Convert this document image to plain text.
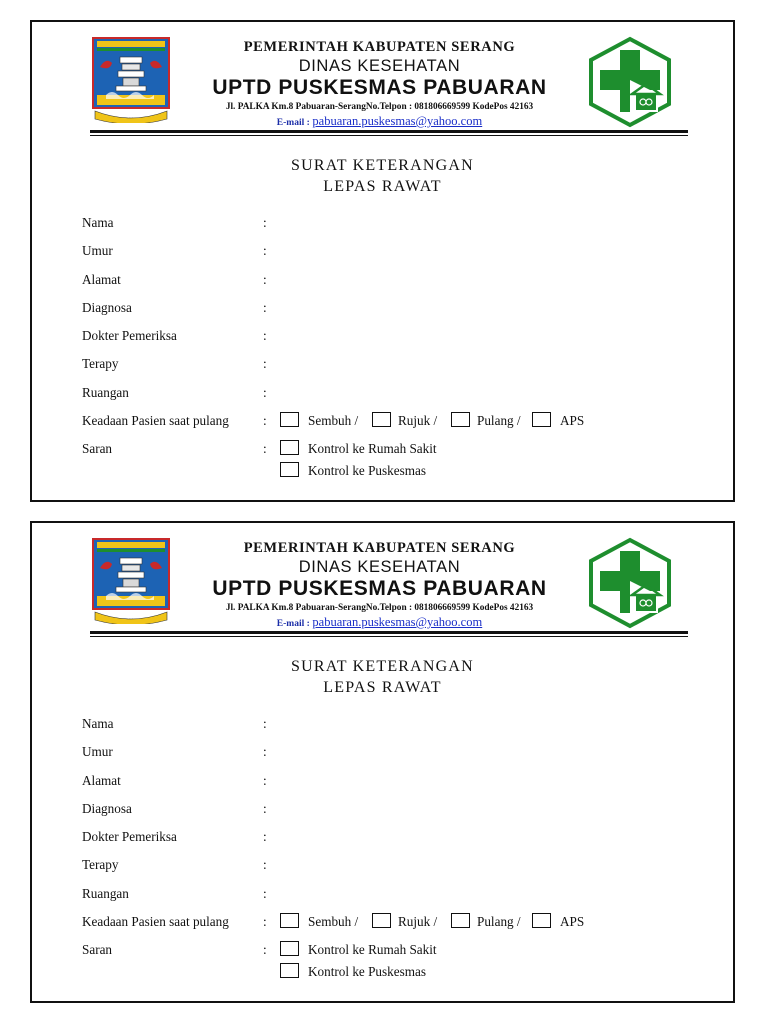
...
PEMERINTAH KABUPATEN SERANG
DINAS KESEHATAN
UPTD PUSKESMAS PABUARAN
Jl. PALKA Km.8 Pabuaran-SerangNo.Telpon : 081806669599 KodePos 42163
E-mail : pabuaran.puskesmas@yahoo.com
SURAT KETERANGAN
LEPAS RAWAT
Nama	:
Umur	:
Alamat	:
Diagnosa	:
Dokter Pemeriksa	:
Terapy	:
Ruangan	:
Keadaan Pasien saat pulang	:	Sembuh /	Rujuk /	Pulang /	APS
Saran	:	Kontrol ke Rumah Sakit
Kontrol ke Puskesmas
...
PEMERINTAH KABUPATEN SERANG
DINAS KESEHATAN
UPTD PUSKESMAS PABUARAN
Jl. PALKA Km.8 Pabuaran-SerangNo.Telpon : 081806669599 KodePos 42163
E-mail : pabuaran.puskesmas@yahoo.com
SURAT KETERANGAN
LEPAS RAWAT
Nama	:
Umur	:
Alamat	:
Diagnosa	:
Dokter Pemeriksa	:
Terapy	:
Ruangan	:
Keadaan Pasien saat pulang	:	Sembuh /	Rujuk /	Pulang /	APS
Saran	:	Kontrol ke Rumah Sakit
Kontrol ke Puskesmas
